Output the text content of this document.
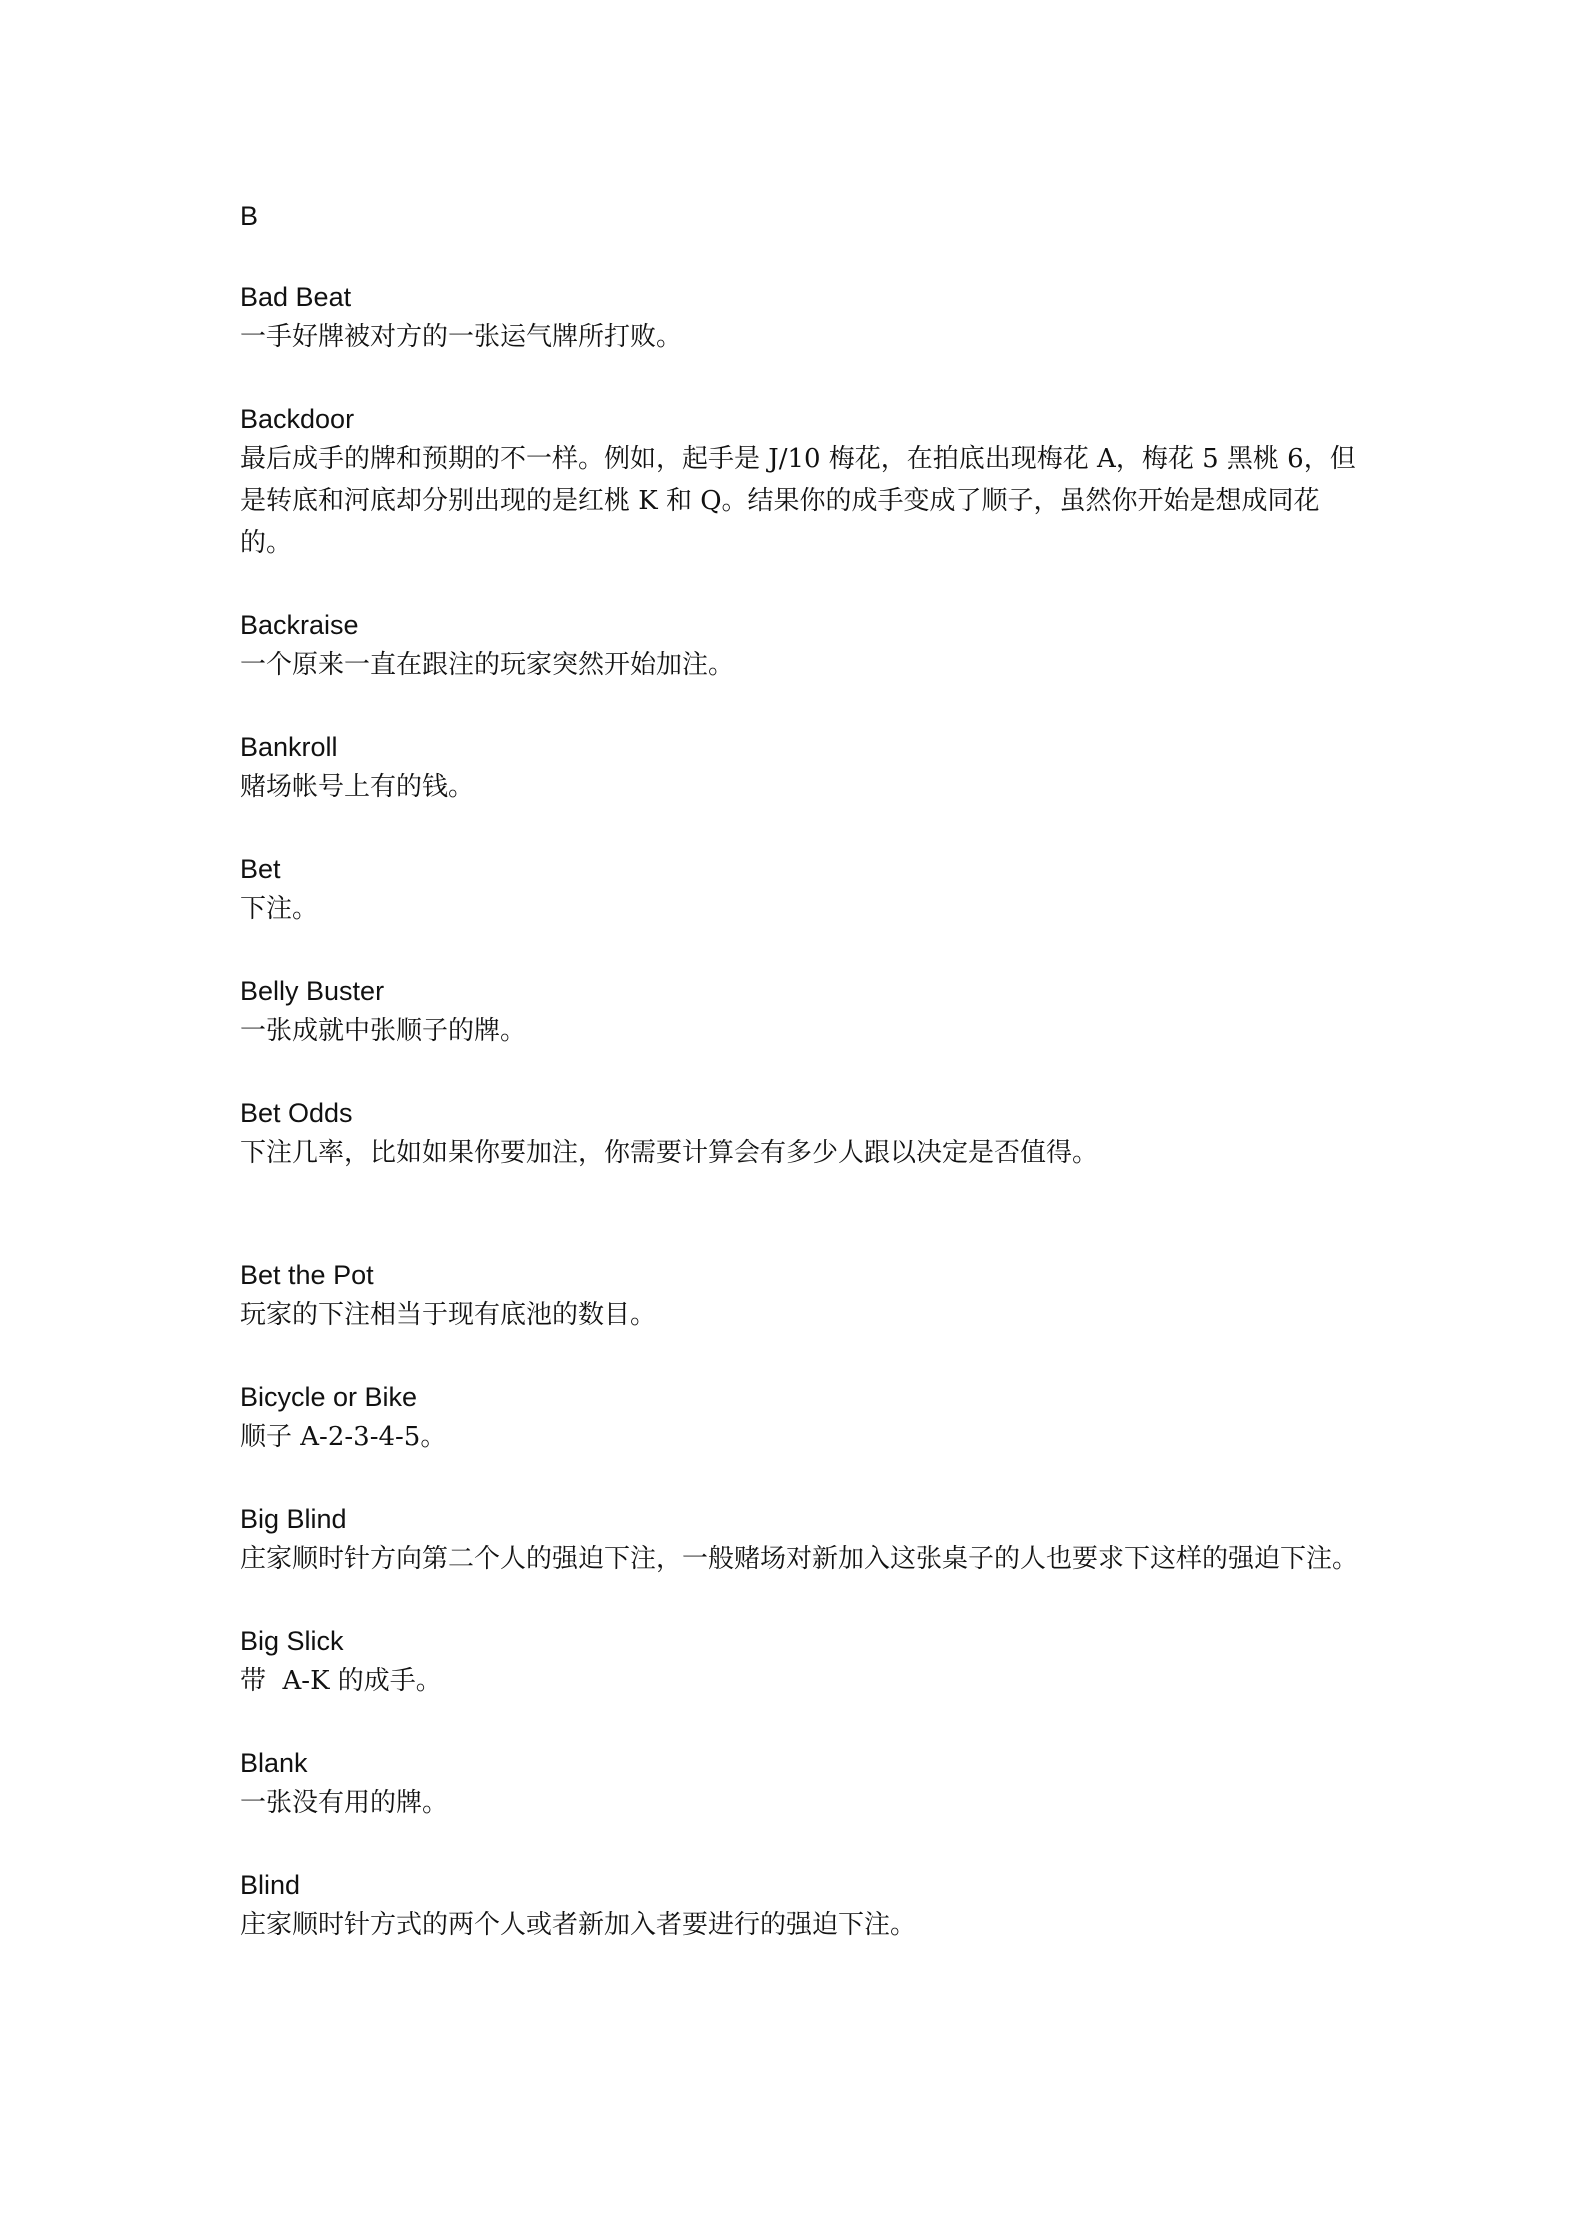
B

Bad Beat

一手好牌被对方的一张运气牌所打败。

Backdoor

最后成手的牌和预期的不一样。例如，起手是 J/10 梅花，在拍底出现梅花 A，梅花 5 黑桃 6，但是转底和河底却分别出现的是红桃 K 和 Q。结果你的成手变成了顺子，虽然你开始是想成同花的。

Backraise

一个原来一直在跟注的玩家突然开始加注。

Bankroll

赌场帐号上有的钱。

Bet

下注。

Belly Buster

一张成就中张顺子的牌。

Bet Odds

下注几率，比如如果你要加注，你需要计算会有多少人跟以决定是否值得。

Bet the Pot

玩家的下注相当于现有底池的数目。

Bicycle or Bike

顺子 A-2-3-4-5。

Big Blind

庄家顺时针方向第二个人的强迫下注，一般赌场对新加入这张桌子的人也要求下这样的强迫下注。

Big Slick

带  A-K 的成手。

Blank

一张没有用的牌。

Blind

庄家顺时针方式的两个人或者新加入者要进行的强迫下注。
